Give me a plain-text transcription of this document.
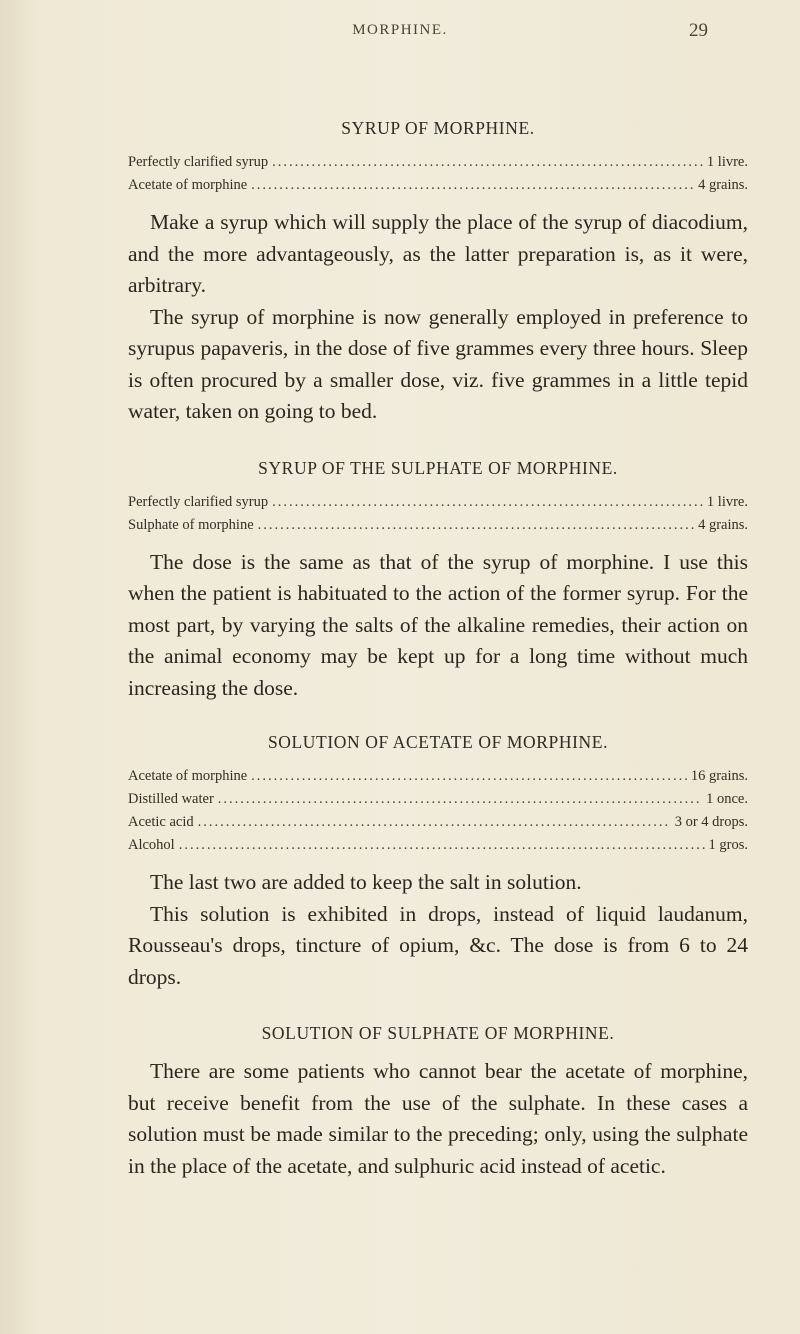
MORPHINE.	29
SYRUP OF MORPHINE.
Perfectly clarified syrup .....	1 livre.
Acetate of morphine .....	4 grains.

Make a syrup which will supply the place of the syrup of diacodium, and the more advantageously, as the latter preparation is, as it were, arbitrary.

The syrup of morphine is now generally employed in preference to syrupus papaveris, in the dose of five grammes every three hours. Sleep is often procured by a smaller dose, viz. five grammes in a little tepid water, taken on going to bed.

SYRUP OF THE SULPHATE OF MORPHINE.
Perfectly clarified syrup .....	1 livre.
Sulphate of morphine .....	4 grains.

The dose is the same as that of the syrup of morphine. I use this when the patient is habituated to the action of the former syrup. For the most part, by varying the salts of the alkaline remedies, their action on the animal economy may be kept up for a long time without much increasing the dose.

SOLUTION OF ACETATE OF MORPHINE.
Acetate of morphine .....	16 grains.
Distilled water .....	1 once.
Acetic acid .....	3 or 4 drops.
Alcohol .....	1 gros.

The last two are added to keep the salt in solution.

This solution is exhibited in drops, instead of liquid laudanum, Rousseau's drops, tincture of opium, &c. The dose is from 6 to 24 drops.

SOLUTION OF SULPHATE OF MORPHINE.

There are some patients who cannot bear the acetate of morphine, but receive benefit from the use of the sulphate. In these cases a solution must be made similar to the preceding; only, using the sulphate in the place of the acetate, and sulphuric acid instead of acetic.
